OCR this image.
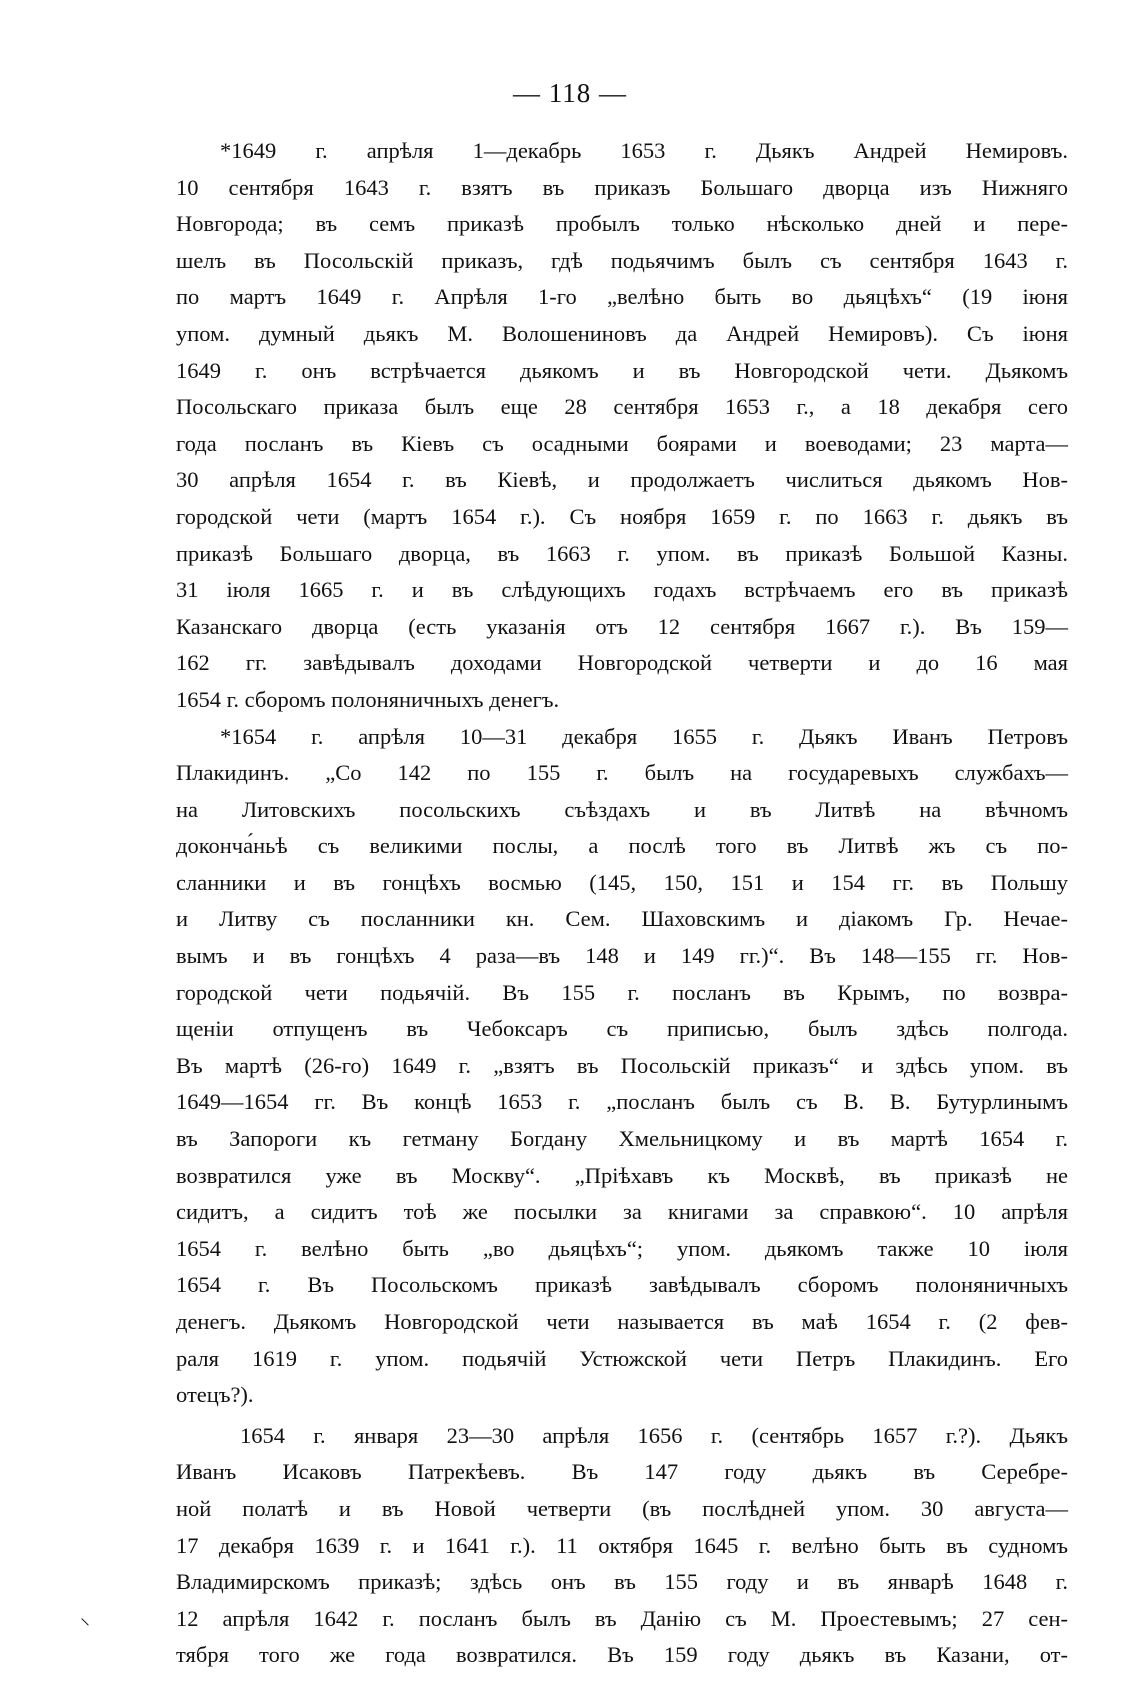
— 118 —
*1649 г. апрѣля 1—декабрь 1653 г. Дьякъ Андрей Немировъ.
10 сентября 1643 г. взятъ въ приказъ Большаго дворца изъ Нижняго
Новгорода; въ семъ приказѣ пробылъ только нѣсколько дней и пере-
шелъ въ Посольскій приказъ, гдѣ подьячимъ былъ съ сентября 1643 г.
по мартъ 1649 г. Апрѣля 1-го „велѣно быть во дьяцѣхъ“ (19 іюня
упом. думный дьякъ М. Волошениновъ да Андрей Немировъ). Съ іюня
1649 г. онъ встрѣчается дьякомъ и въ Новгородской чети. Дьякомъ
Посольскаго приказа былъ еще 28 сентября 1653 г., а 18 декабря сего
года посланъ въ Кіевъ съ осадными боярами и воеводами; 23 марта—
30 апрѣля 1654 г. въ Кіевѣ, и продолжаетъ числиться дьякомъ Нов-
городской чети (мартъ 1654 г.). Съ ноября 1659 г. по 1663 г. дьякъ въ
приказѣ Большаго дворца, въ 1663 г. упом. въ приказѣ Большой Казны.
31 іюля 1665 г. и въ слѣдующихъ годахъ встрѣчаемъ его въ приказѣ
Казанскаго дворца (есть указанія отъ 12 сентября 1667 г.). Въ 159—
162 гг. завѣдывалъ доходами Новгородской четверти и до 16 мая
1654 г. сборомъ полоняничныхъ денегъ.
*1654 г. апрѣля 10—31 декабря 1655 г. Дьякъ Иванъ Петровъ
Плакидинъ. „Со 142 по 155 г. былъ на государевыхъ службахъ—
на Литовскихъ посольскихъ съѣздахъ и въ Литвѣ на вѣчномъ
доконча́ньѣ съ великими послы, а послѣ того въ Литвѣ жъ съ по-
сланники и въ гонцѣхъ восмью (145, 150, 151 и 154 гг. въ Польшу
и Литву съ посланники кн. Сем. Шаховскимъ и діакомъ Гр. Нечае-
вымъ и въ гонцѣхъ 4 раза—въ 148 и 149 гг.)“. Въ 148—155 гг. Нов-
городской чети подьячій. Въ 155 г. посланъ въ Крымъ, по возвра-
щеніи отпущенъ въ Чебоксаръ съ приписью, былъ здѣсь полгода.
Въ мартѣ (26-го) 1649 г. „взятъ въ Посольскій приказъ“ и здѣсь упом. въ
1649—1654 гг. Въ концѣ 1653 г. „посланъ былъ съ В. В. Бутурлинымъ
въ Запороги къ гетману Богдану Хмельницкому и въ мартѣ 1654 г.
возвратился уже въ Москву“. „Пріѣхавъ къ Москвѣ, въ приказѣ не
сидитъ, а сидитъ тоѣ же посылки за книгами за справкою“. 10 апрѣля
1654 г. велѣно быть „во дьяцѣхъ“; упом. дьякомъ также 10 іюля
1654 г. Въ Посольскомъ приказѣ завѣдывалъ сборомъ полоняничныхъ
денегъ. Дьякомъ Новгородской чети называется въ маѣ 1654 г. (2 фев-
раля 1619 г. упом. подьячій Устюжской чети Петръ Плакидинъ. Его
отецъ?).
1654 г. января 23—30 апрѣля 1656 г. (сентябрь 1657 г.?). Дьякъ
Иванъ Исаковъ Патрекѣевъ. Въ 147 году дьякъ въ Серебре-
ной полатѣ и въ Новой четверти (въ послѣдней упом. 30 августа—
17 декабря 1639 г. и 1641 г.). 11 октября 1645 г. велѣно быть въ судномъ
Владимирскомъ приказѣ; здѣсь онъ въ 155 году и въ январѣ 1648 г.
12 апрѣля 1642 г. посланъ былъ въ Данію съ М. Проестевымъ; 27 сен-
тября того же года возвратился. Въ 159 году дьякъ въ Казани, от-
⸜
